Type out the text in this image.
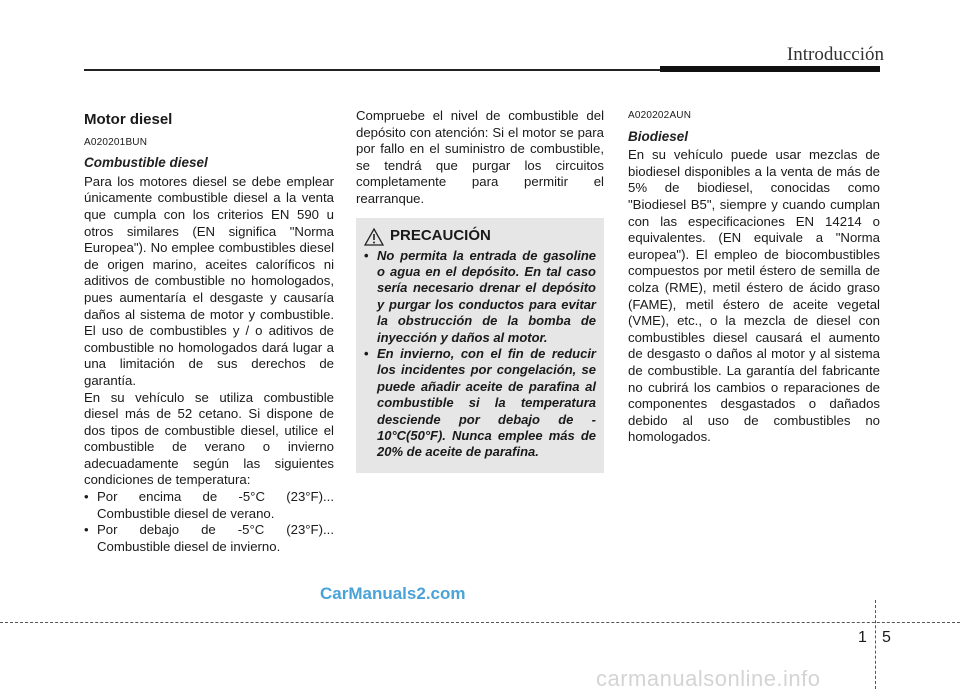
Introducción
Motor diesel
A020201BUN
Combustible diesel

Para los motores diesel se debe emplear únicamente combustible diesel a la venta que cumpla con los criterios EN 590 u otros similares (EN significa "Norma Europea"). No emplee combustibles diesel de origen marino, aceites caloríficos ni aditivos de combustible no homologados, pues aumentaría el desgaste y causaría daños al sistema de motor y combustible. El uso de combustibles y / o aditivos de combustible no homologados dará lugar a una limitación de sus derechos de garantía.

En su vehículo se utiliza combustible diesel más de 52 cetano. Si dispone de dos tipos de combustible diesel, utilice el combustible de verano o invierno adecuadamente según las siguientes condiciones de temperatura:

• Por encima de -5°C (23°F)... Combustible diesel de verano.
• Por debajo de -5°C (23°F)... Combustible diesel de invierno.

Compruebe el nivel de combustible del depósito con atención: Si el motor se para por fallo en el suministro de combustible, se tendrá que purgar los circuitos completamente para permitir el rearranque.

PRECAUCIÓN
• No permita la entrada de gasoline o agua en el depósito. En tal caso sería necesario drenar el depósito y purgar los conductos para evitar la obstrucción de la bomba de inyección y daños al motor.
• En invierno, con el fin de reducir los incidentes por congelación, se puede añadir aceite de parafina al combustible si la temperatura desciende por debajo de - 10°C(50°F). Nunca emplee más de 20% de aceite de parafina.
A020202AUN
Biodiesel

En su vehículo puede usar mezclas de biodiesel disponibles a la venta de más de 5% de biodiesel, conocidas como "Biodiesel B5", siempre y cuando cumplan con las especificaciones EN 14214 o equivalentes. (EN equivale a "Norma europea"). El empleo de biocombustibles compuestos por metil éstero de semilla de colza (RME), metil éstero de ácido graso (FAME), metil éstero de aceite vegetal (VME), etc., o la mezcla de diesel con combustibles diesel causará el aumento de desgasto o daños al motor y al sistema de combustible. La garantía del fabricante no cubrirá los cambios o reparaciones de componentes desgastados o dañados debido al uso de combustibles no homologados.

CarManuals2.com
1 5
carmanualsonline.info
